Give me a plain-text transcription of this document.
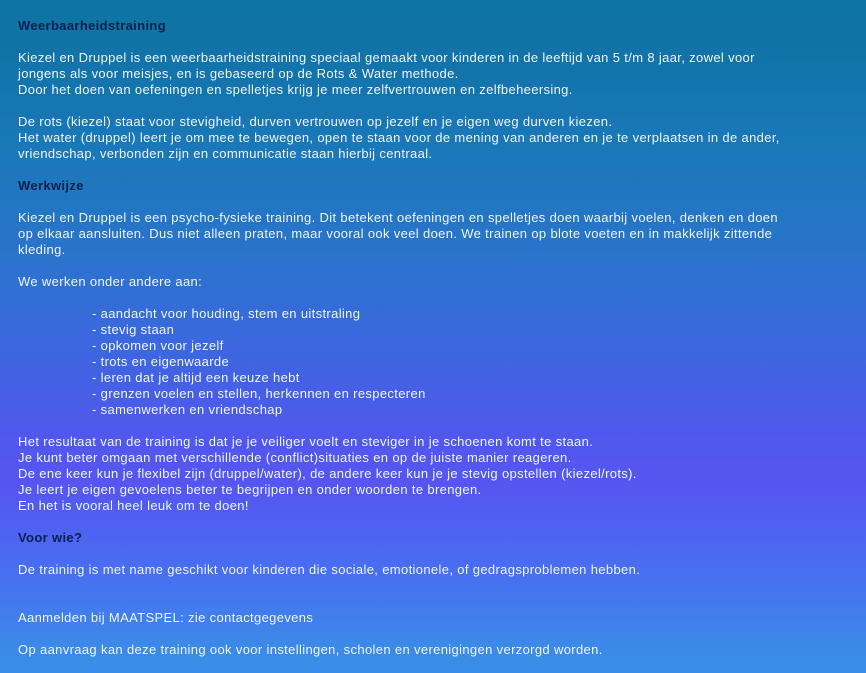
Weerbaarheidstraining
Kiezel en Druppel is een weerbaarheidstraining speciaal gemaakt voor kinderen in de leeftijd van 5 t/m 8 jaar, zowel voor
jongens als voor meisjes, en is gebaseerd op de Rots & Water methode.
Door het doen van oefeningen en spelletjes krijg je meer zelfvertrouwen en zelfbeheersing.
De rots (kiezel) staat voor stevigheid, durven vertrouwen op jezelf en je eigen weg durven kiezen.
Het water (druppel) leert je om mee te bewegen, open te staan voor de mening van anderen en je te verplaatsen in de ander,
vriendschap, verbonden zijn en communicatie staan hierbij centraal.
Werkwijze
Kiezel en Druppel is een psycho-fysieke training. Dit betekent oefeningen en spelletjes doen waarbij voelen, denken en doen
op elkaar aansluiten. Dus niet alleen praten, maar vooral ook veel doen. We trainen op blote voeten en in makkelijk zittende
kleding.
We werken onder andere aan:
- aandacht voor houding, stem en uitstraling
- stevig staan
- opkomen voor jezelf
- trots en eigenwaarde
- leren dat je altijd een keuze hebt
- grenzen voelen en stellen, herkennen en respecteren
- samenwerken en vriendschap
Het resultaat van de training is dat je je veiliger voelt en steviger in je schoenen komt te staan.
Je kunt beter omgaan met verschillende (conflict)situaties en op de juiste manier reageren.
De ene keer kun je flexibel zijn (druppel/water), de andere keer kun je je stevig opstellen (kiezel/rots).
Je leert je eigen gevoelens beter te begrijpen en onder woorden te brengen.
En het is vooral heel leuk om te doen!
Voor wie?
De training is met name geschikt voor kinderen die sociale, emotionele, of gedragsproblemen hebben.
Aanmelden bij MAATSPEL: zie contactgegevens
Op aanvraag kan deze training ook voor instellingen, scholen en verenigingen verzorgd worden.
